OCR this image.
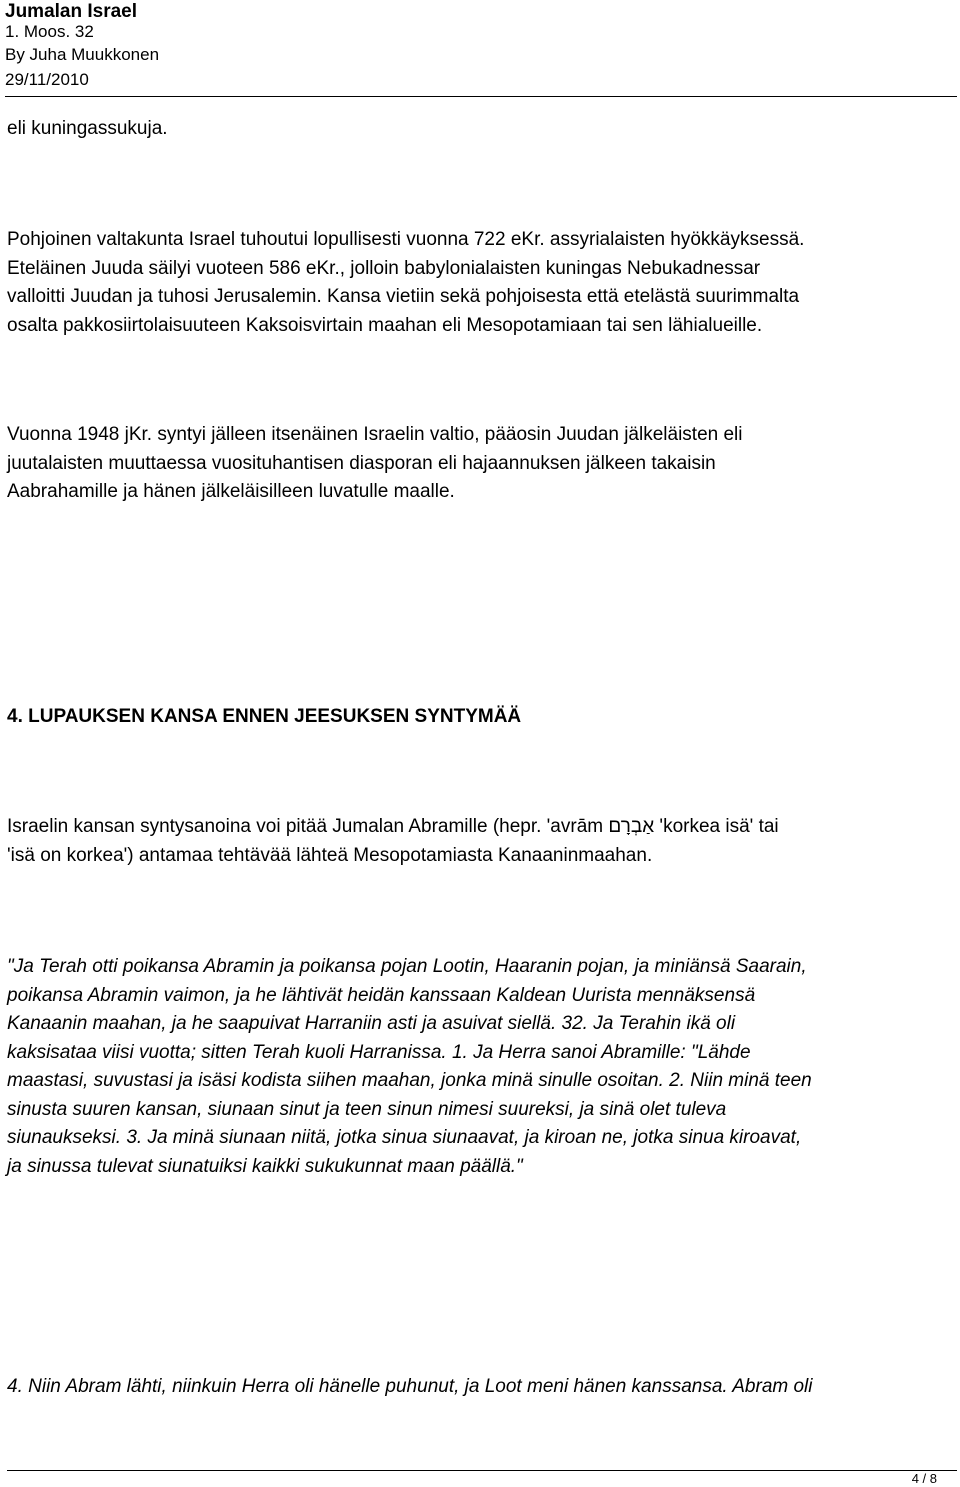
Jumalan Israel
1. Moos. 32
By Juha Muukkonen
29/11/2010
eli kuningassukuja.
Pohjoinen valtakunta Israel tuhoutui lopullisesti vuonna 722 eKr. assyrialaisten hyökkäyksessä.
Eteläinen Juuda säilyi vuoteen 586 eKr., jolloin babylonialaisten kuningas Nebukadnessar
valloitti Juudan ja tuhosi Jerusalemin. Kansa vietiin sekä pohjoisesta että etelästä suurimmalta
osalta pakkosiirtolaisuuteen Kaksoisvirtain maahan eli Mesopotamiaan tai sen lähialueille.
Vuonna 1948 jKr. syntyi jälleen itsenäinen Israelin valtio, pääosin Juudan jälkeläisten eli
juutalaisten muuttaessa vuosituhantisen diasporan eli hajaannuksen jälkeen takaisin
Aabrahamille ja hänen jälkeläisilleen luvatulle maalle.
4. LUPAUKSEN KANSA ENNEN JEESUKSEN SYNTYMÄÄ
Israelin kansan syntysanoina voi pitää Jumalan Abramille (hepr. 'avrām אַבְרָם 'korkea isä' tai
'isä on korkea') antamaa tehtävää lähteä Mesopotamiasta Kanaaninmaahan.
"Ja Terah otti poikansa Abramin ja poikansa pojan Lootin, Haaranin pojan, ja miniänsä Saarain,
poikansa Abramin vaimon, ja he lähtivät heidän kanssaan Kaldean Uurista mennäksensä
Kanaanin maahan, ja he saapuivat Harraniin asti ja asuivat siellä. 32. Ja Terahin ikä oli
kaksisataa viisi vuotta; sitten Terah kuoli Harranissa. 1. Ja Herra sanoi Abramille: "Lähde
maastasi, suvustasi ja isäsi kodista siihen maahan, jonka minä sinulle osoitan. 2. Niin minä teen
sinusta suuren kansan, siunaan sinut ja teen sinun nimesi suureksi, ja sinä olet tuleva
siunaukseksi. 3. Ja minä siunaan niitä, jotka sinua siunaavat, ja kiroan ne, jotka sinua kiroavat,
ja sinussa tulevat siunatuiksi kaikki sukukunnat maan päällä."
4. Niin Abram lähti, niinkuin Herra oli hänelle puhunut, ja Loot meni hänen kanssansa. Abram oli
4 / 8
